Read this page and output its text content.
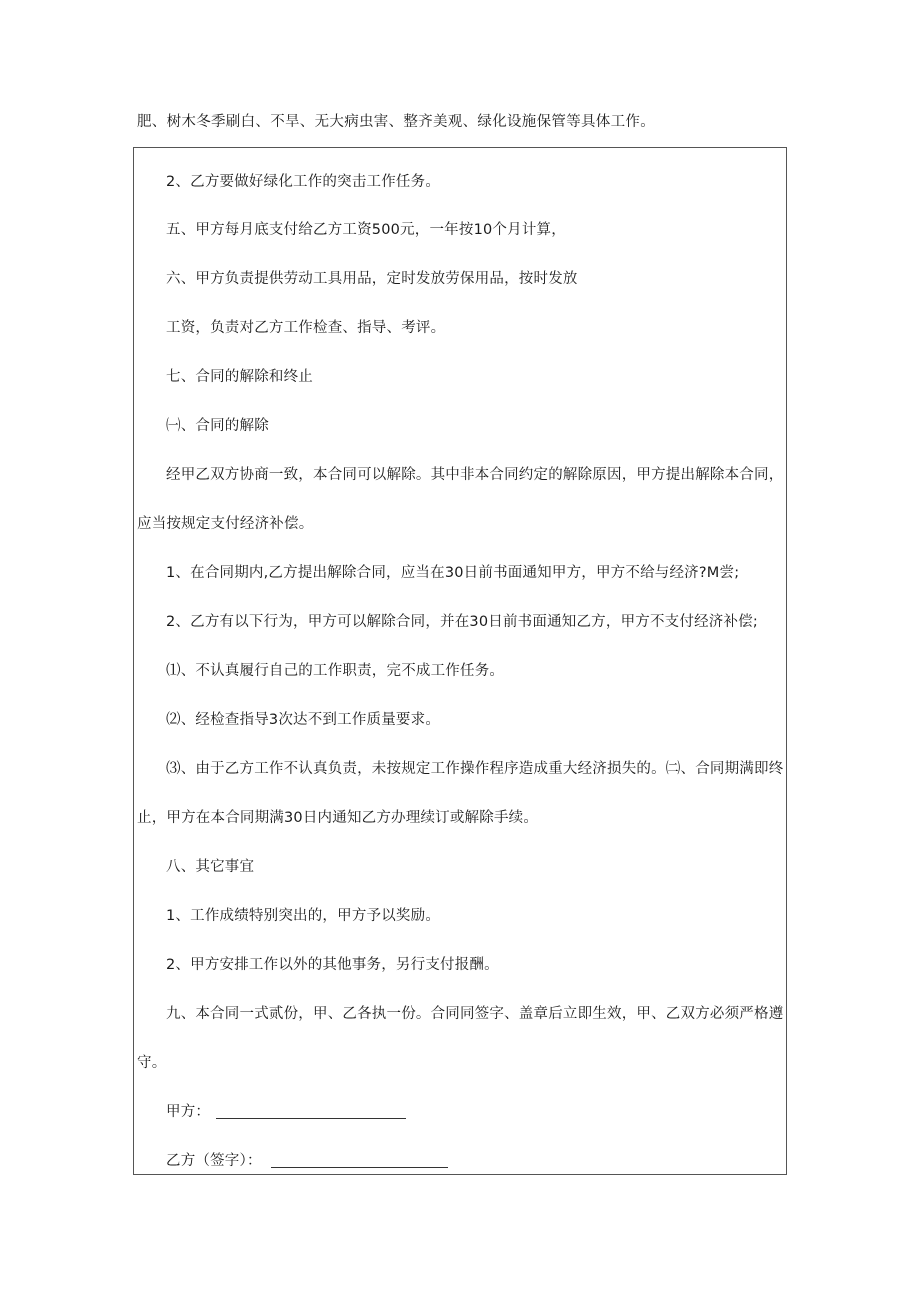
肥、树木冬季刷白、不旱、无大病虫害、整齐美观、绿化设施保管等具体工作。
2、乙方要做好绿化工作的突击工作任务。
五、甲方每月底支付给乙方工资500元，一年按10个月计算，
六、甲方负责提供劳动工具用品，定时发放劳保用品，按时发放
工资，负责对乙方工作检查、指导、考评。
七、合同的解除和终止
㈠、合同的解除
经甲乙双方协商一致，本合同可以解除。其中非本合同约定的解除原因，甲方提出解除本合同，
应当按规定支付经济补偿。
1、在合同期内,乙方提出解除合同，应当在30日前书面通知甲方，甲方不给与经济?M尝;
2、乙方有以下行为，甲方可以解除合同，并在30日前书面通知乙方，甲方不支付经济补偿;
⑴、不认真履行自己的工作职责，完不成工作任务。
⑵、经检查指导3次达不到工作质量要求。
⑶、由于乙方工作不认真负责，未按规定工作操作程序造成重大经济损失的。㈡、合同期满即终
止，甲方在本合同期满30日内通知乙方办理续订或解除手续。
八、其它事宜
1、工作成绩特别突出的，甲方予以奖励。
2、甲方安排工作以外的其他事务，另行支付报酬。
九、本合同一式贰份，甲、乙各执一份。合同同签字、盖章后立即生效，甲、乙双方必须严格遵
守。
甲方：
乙方（签字）：
